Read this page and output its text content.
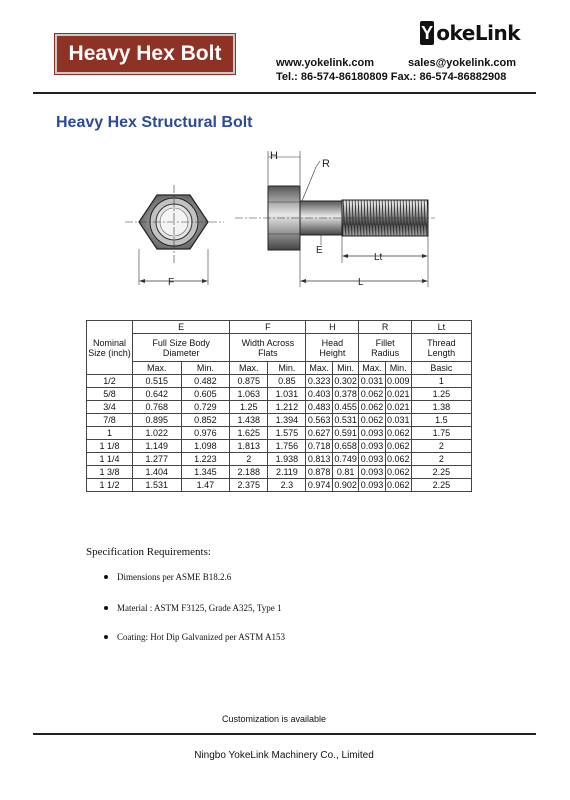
Heavy Hex Bolt
Y okeLink
www.yokelink.com	sales@yokelink.com
Tel.: 86-574-86180809 Fax.: 86-574-86882908
Heavy Hex Structural Bolt
F
H
R
E
Lt
L
Nominal Size (inch)	E		F		H		R		Lt
	Full Size Body Diameter		Width Across Flats		Head Height		Fillet Radius		Thread Length
	Max.	Min.	Max.	Min.	Max.	Min.	Max.	Min.	Basic
1/2	0.515	0.482	0.875	0.85	0.323	0.302	0.031	0.009	1
5/8	0.642	0.605	1.063	1.031	0.403	0.378	0.062	0.021	1.25
3/4	0.768	0.729	1.25	1.212	0.483	0.455	0.062	0.021	1.38
7/8	0.895	0.852	1.438	1.394	0.563	0.531	0.062	0.031	1.5
1	1.022	0.976	1.625	1.575	0.627	0.591	0.093	0.062	1.75
1 1/8	1.149	1.098	1.813	1.756	0.718	0.658	0.093	0.062	2
1 1/4	1.277	1.223	2	1.938	0.813	0.749	0.093	0.062	2
1 3/8	1.404	1.345	2.188	2.119	0.878	0.81	0.093	0.062	2.25
1 1/2	1.531	1.47	2.375	2.3	0.974	0.902	0.093	0.062	2.25
Specification Requirements:
Dimensions per ASME B18.2.6
Material : ASTM F3125, Grade A325, Type 1
Coating: Hot Dip Galvanized per ASTM A153
Customization is available
Ningbo YokeLink Machinery Co., Limited
